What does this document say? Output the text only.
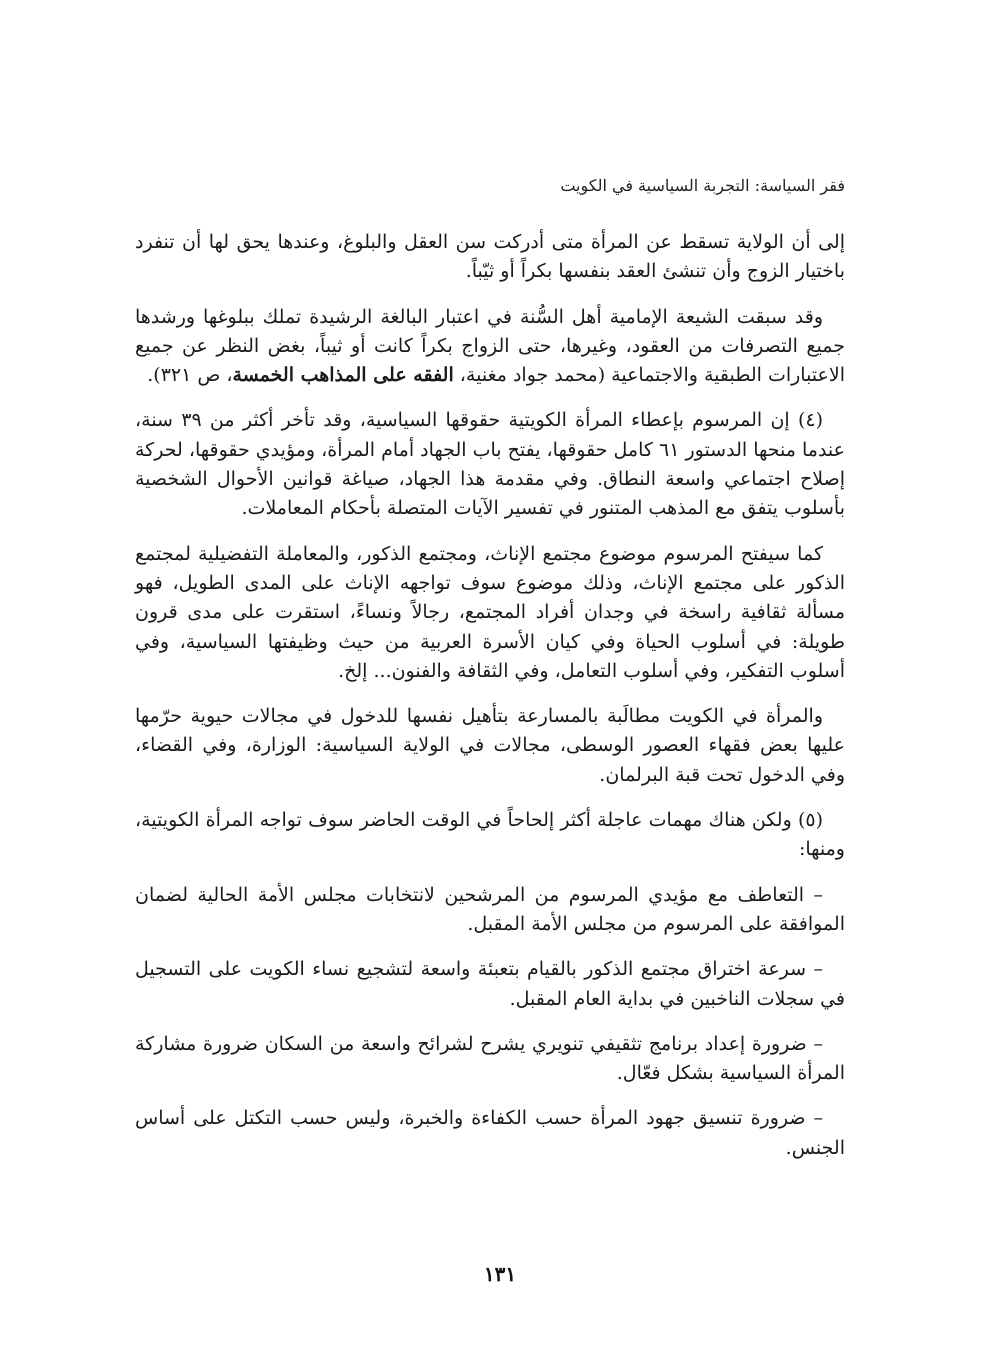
فقر السياسة: التجربة السياسية في الكويت

إلى أن الولاية تسقط عن المرأة متى أدركت سن العقل والبلوغ، وعندها يحق لها أن تنفرد باختيار الزوج وأن تنشئ العقد بنفسها بكراً أو ثيّباً.

وقد سبقت الشيعة الإمامية أهل السُّنة في اعتبار البالغة الرشيدة تملك ببلوغها ورشدها جميع التصرفات من العقود، وغيرها، حتى الزواج بكراً كانت أو ثيباً، بغض النظر عن جميع الاعتبارات الطبقية والاجتماعية (محمد جواد مغنية، الفقه على المذاهب الخمسة، ص ٣٢١).

(٤) إن المرسوم بإعطاء المرأة الكويتية حقوقها السياسية، وقد تأخر أكثر من ٣٩ سنة، عندما منحها الدستور ٦١ كامل حقوقها، يفتح باب الجهاد أمام المرأة، ومؤيدي حقوقها، لحركة إصلاح اجتماعي واسعة النطاق. وفي مقدمة هذا الجهاد، صياغة قوانين الأحوال الشخصية بأسلوب يتفق مع المذهب المتنور في تفسير الآيات المتصلة بأحكام المعاملات.

كما سيفتح المرسوم موضوع مجتمع الإناث، ومجتمع الذكور، والمعاملة التفضيلية لمجتمع الذكور على مجتمع الإناث، وذلك موضوع سوف تواجهه الإناث على المدى الطويل، فهو مسألة ثقافية راسخة في وجدان أفراد المجتمع، رجالاً ونساءً، استقرت على مدى قرون طويلة: في أسلوب الحياة وفي كيان الأسرة العربية من حيث وظيفتها السياسية، وفي أسلوب التفكير، وفي أسلوب التعامل، وفي الثقافة والفنون... إلخ.

والمرأة في الكويت مطالَبة بالمسارعة بتأهيل نفسها للدخول في مجالات حيوية حرّمها عليها بعض فقهاء العصور الوسطى، مجالات في الولاية السياسية: الوزارة، وفي القضاء، وفي الدخول تحت قبة البرلمان.

(٥) ولكن هناك مهمات عاجلة أكثر إلحاحاً في الوقت الحاضر سوف تواجه المرأة الكويتية، ومنها:

– التعاطف مع مؤيدي المرسوم من المرشحين لانتخابات مجلس الأمة الحالية لضمان الموافقة على المرسوم من مجلس الأمة المقبل.

– سرعة اختراق مجتمع الذكور بالقيام بتعبئة واسعة لتشجيع نساء الكويت على التسجيل في سجلات الناخبين في بداية العام المقبل.

– ضرورة إعداد برنامج تثقيفي تنويري يشرح لشرائح واسعة من السكان ضرورة مشاركة المرأة السياسية بشكل فعّال.

– ضرورة تنسيق جهود المرأة حسب الكفاءة والخبرة، وليس حسب التكتل على أساس الجنس.

١٣١
